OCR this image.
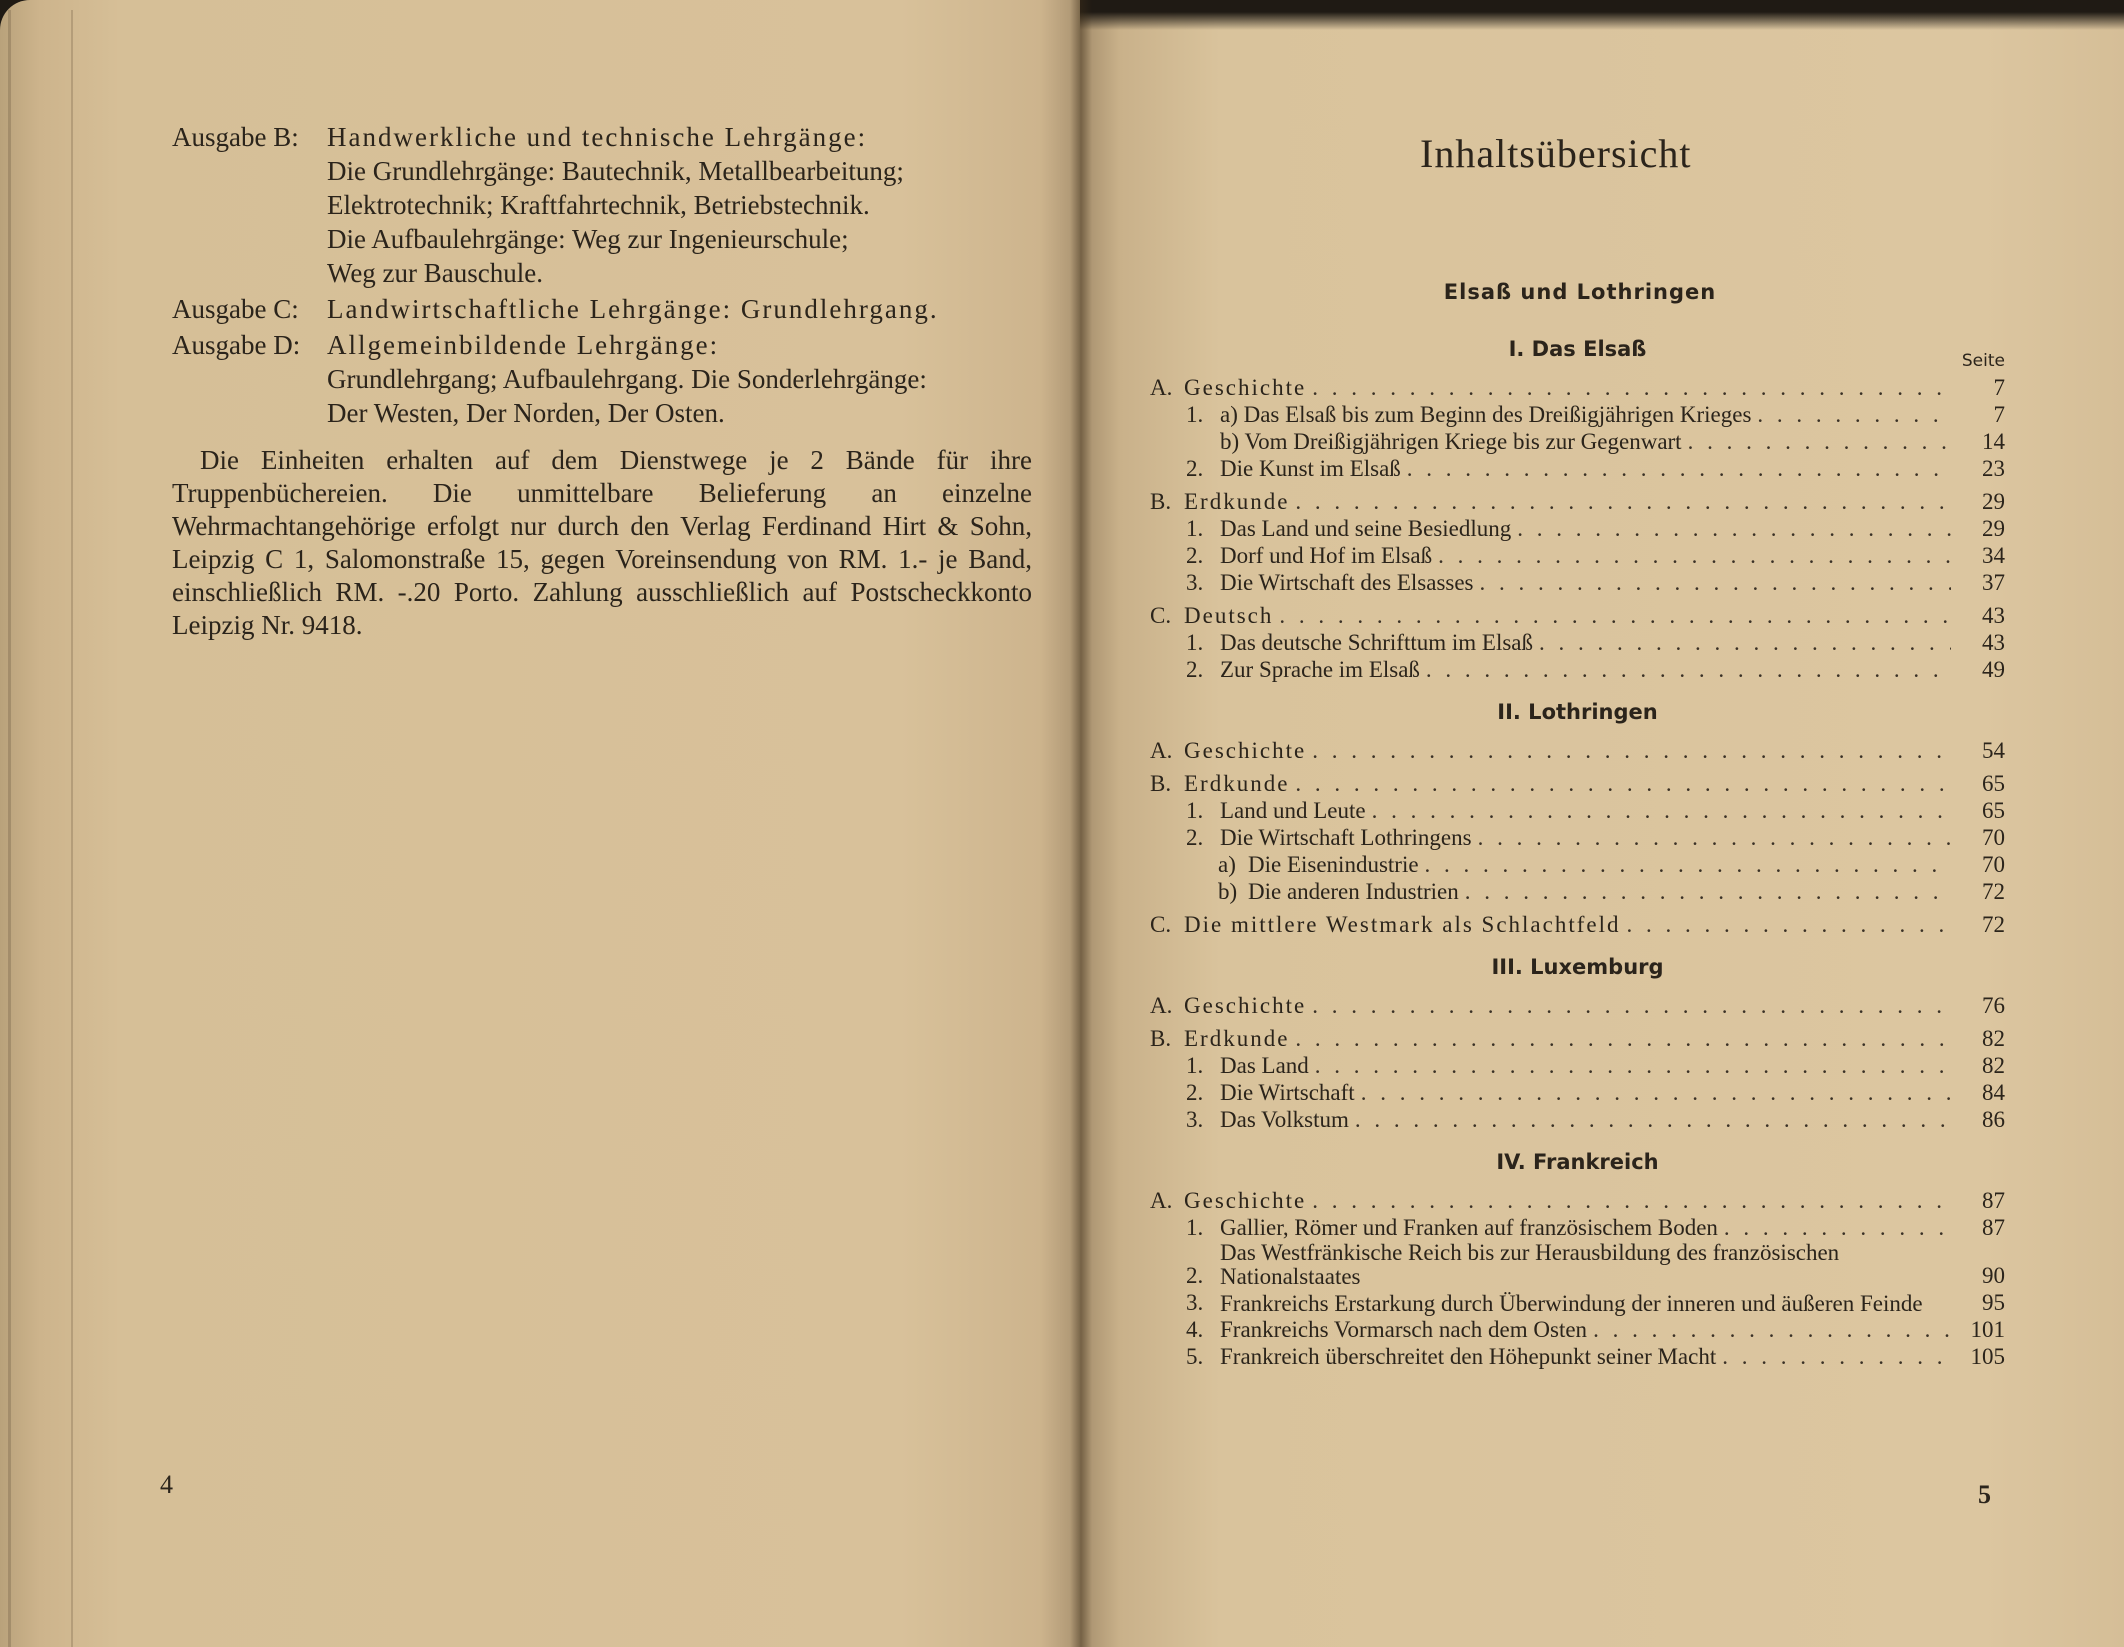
Ausgabe B:	Handwerkliche und technische Lehrgänge:
Die Grundlehrgänge: Bautechnik, Metallbearbeitung;
Elektrotechnik; Kraftfahrtechnik, Betriebstechnik.
Die Aufbaulehrgänge: Weg zur Ingenieurschule;
Weg zur Bauschule.
Ausgabe C:	Landwirtschaftliche Lehrgänge: Grundlehrgang.
Ausgabe D: Allgemeinbildende Lehrgänge:
Grundlehrgang; Aufbaulehrgang. Die Sonderlehrgänge:
Der Westen, Der Norden, Der Osten.

Die Einheiten erhalten auf dem Dienstwege je 2 Bände für ihre Truppenbüchereien. Die unmittelbare Belieferung an einzelne Wehrmachtangehörige erfolgt nur durch den Verlag Ferdinand Hirt & Sohn, Leipzig C 1, Salomonstraße 15, gegen Voreinsendung von RM. 1.- je Band, einschließlich RM. -.20 Porto. Zahlung ausschließlich auf Postscheckkonto Leipzig Nr. 9418.

4
Inhaltsübersicht
Elsaß und Lothringen
I. Das Elsaß	Seite
A. Geschichte . . .	7
1. a) Das Elsaß bis zum Beginn des Dreißigjährigen Krieges . . .	7
b) Vom Dreißigjährigen Kriege bis zur Gegenwart . . .	14
2. Die Kunst im Elsaß . . .	23
B. Erdkunde . . .	29
1. Das Land und seine Besiedlung . . .	29
2. Dorf und Hof im Elsaß . . .	34
3. Die Wirtschaft des Elsasses . . .	37
C. Deutsch . . .	43
1. Das deutsche Schrifttum im Elsaß . . .	43
2. Zur Sprache im Elsaß . . .	49
II. Lothringen
A. Geschichte . . .	54
B. Erdkunde . . .	65
1. Land und Leute . . .	65
2. Die Wirtschaft Lothringens . . .	70
a) Die Eisenindustrie . . .	70
b) Die anderen Industrien . . .	72
C. Die mittlere Westmark als Schlachtfeld . . .	72
III. Luxemburg
A. Geschichte . . .	76
B. Erdkunde . . .	82
1. Das Land . . .	82
2. Die Wirtschaft . . .	84
3. Das Volkstum . . .	86
IV. Frankreich
A. Geschichte . . .	87
1. Gallier, Römer und Franken auf französischem Boden . . .	87
2.
Das Westfränkische Reich bis zur Herausbildung des französischen Nationalstaates	90
3. Frankreichs Erstarkung durch Überwindung der inneren und äußeren Feinde	95
4. Frankreichs Vormarsch nach dem Osten . . .	101
5. Frankreich überschreitet den Höhepunkt seiner Macht . . .	105
5
